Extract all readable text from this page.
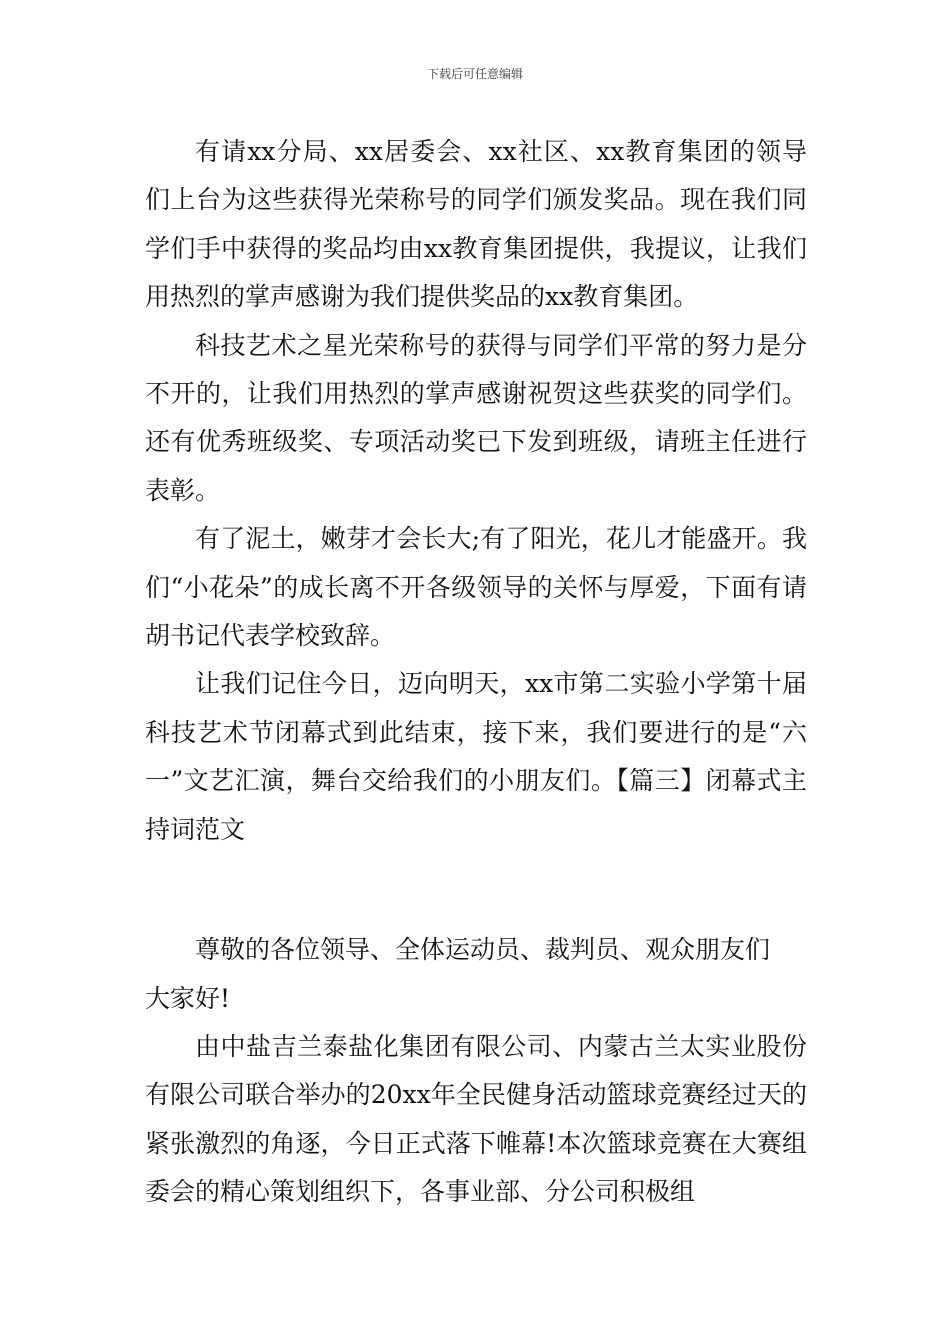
下载后可任意编辑

有请xx分局、xx居委会、xx社区、xx教育集团的领导们上台为这些获得光荣称号的同学们颁发奖品。现在我们同学们手中获得的奖品均由xx教育集团提供，我提议，让我们用热烈的掌声感谢为我们提供奖品的xx教育集团。

科技艺术之星光荣称号的获得与同学们平常的努力是分不开的，让我们用热烈的掌声感谢祝贺这些获奖的同学们。还有优秀班级奖、专项活动奖已下发到班级，请班主任进行表彰。

有了泥土，嫩芽才会长大;有了阳光，花儿才能盛开。我们“小花朵”的成长离不开各级领导的关怀与厚爱，下面有请胡书记代表学校致辞。

让我们记住今日，迈向明天，xx市第二实验小学第十届科技艺术节闭幕式到此结束，接下来，我们要进行的是“六一”文艺汇演，舞台交给我们的小朋友们。【篇三】闭幕式主持词范文

尊敬的各位领导、全体运动员、裁判员、观众朋友们

大家好!

由中盐吉兰泰盐化集团有限公司、内蒙古兰太实业股份有限公司联合举办的20xx年全民健身活动篮球竞赛经过天的紧张激烈的角逐，今日正式落下帷幕!本次篮球竞赛在大赛组委会的精心策划组织下，各事业部、分公司积极组
